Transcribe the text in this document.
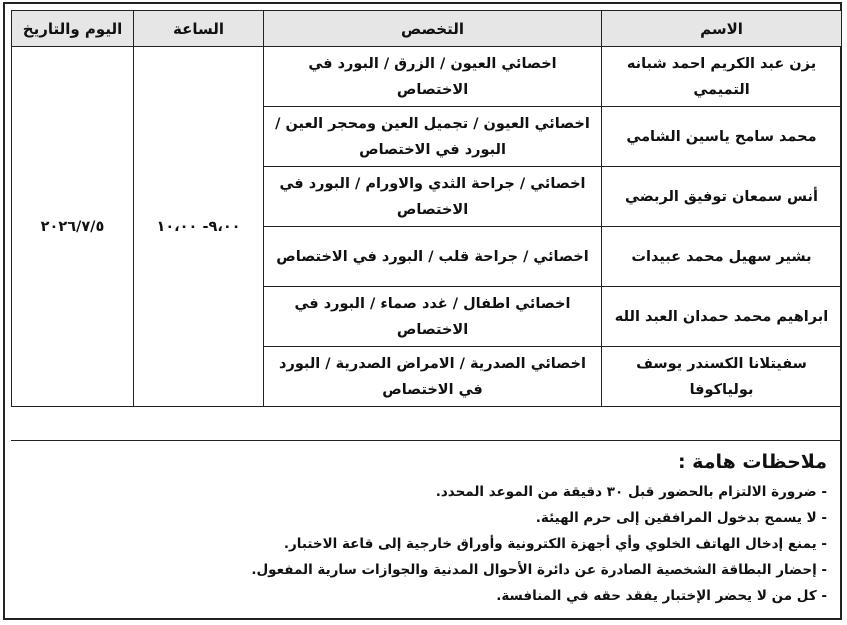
الاسم	التخصص	الساعة	اليوم والتاريخ
يزن عبد الكريم احمد شبانه التميمي	اخصائي العيون / الزرق / البورد في الاختصاص	٩،٠٠- ١٠،٠٠	٢٠٢٦/٧/٥
محمد سامح ياسين الشامي	اخصائي العيون / تجميل العين ومحجر العين /البورد في الاختصاص		
أنس سمعان توفيق الربضي	اخصائي / جراحة الثدي والاورام / البورد في الاختصاص		
بشير سهيل محمد عبيدات	اخصائي / جراحة قلب / البورد في الاختصاص		
ابراهيم محمد حمدان العبد الله	اخصائي اطفال / غدد صماء / البورد في الاختصاص		
سفيتلانا الكسندر يوسف بولياكوفا	اخصائي الصدرية / الامراض الصدرية / البورد في الاختصاص		
ملاحظات هامة :
- ضرورة الالتزام بالحضور قبل ٣٠ دقيقة من الموعد المحدد.
- لا يسمح بدخول المرافقين إلى حرم الهيئة.
- يمنع إدخال الهاتف الخلوي وأي أجهزة الكترونية وأوراق خارجية إلى قاعة الاختبار.
- إحضار البطاقة الشخصية الصادرة عن دائرة الأحوال المدنية والجوازات سارية المفعول.
- كل من لا يحضر الإختبار يفقد حقه في المنافسة.
